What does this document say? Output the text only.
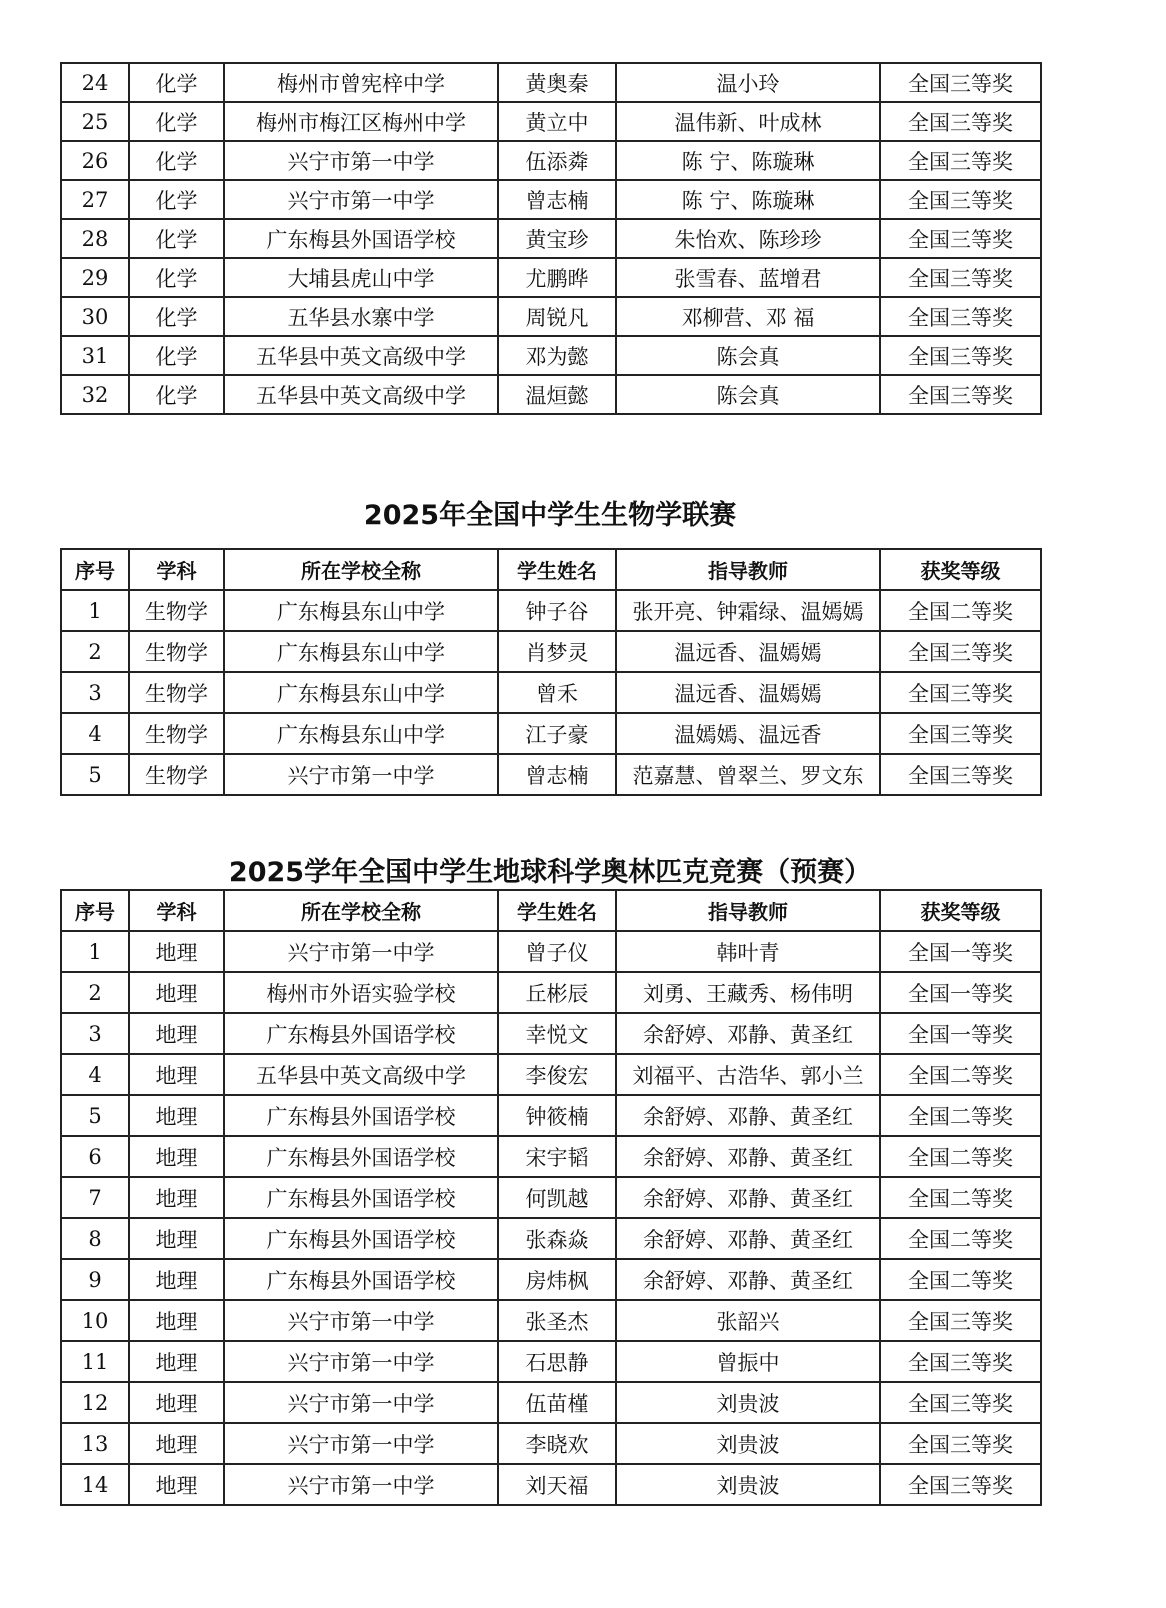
24	化学	梅州市曾宪梓中学	黄奥秦	温小玲	全国三等奖
25	化学	梅州市梅江区梅州中学	黄立中	温伟新、叶成林	全国三等奖
26	化学	兴宁市第一中学	伍添粦	陈 宁、陈璇琳	全国三等奖
27	化学	兴宁市第一中学	曾志楠	陈 宁、陈璇琳	全国三等奖
28	化学	广东梅县外国语学校	黄宝珍	朱怡欢、陈珍珍	全国三等奖
29	化学	大埔县虎山中学	尤鹏晔	张雪春、蓝增君	全国三等奖
30	化学	五华县水寨中学	周锐凡	邓柳营、邓 福	全国三等奖
31	化学	五华县中英文高级中学	邓为懿	陈会真	全国三等奖
32	化学	五华县中英文高级中学	温烜懿	陈会真	全国三等奖
2025年全国中学生生物学联赛
序号	学科	所在学校全称	学生姓名	指导教师	获奖等级
1	生物学	广东梅县东山中学	钟子谷	张开亮、钟霜绿、温嫣嫣	全国二等奖
2	生物学	广东梅县东山中学	肖梦灵	温远香、温嫣嫣	全国三等奖
3	生物学	广东梅县东山中学	曾禾	温远香、温嫣嫣	全国三等奖
4	生物学	广东梅县东山中学	江子豪	温嫣嫣、温远香	全国三等奖
5	生物学	兴宁市第一中学	曾志楠	范嘉慧、曾翠兰、罗文东	全国三等奖
2025学年全国中学生地球科学奥林匹克竞赛（预赛）
序号	学科	所在学校全称	学生姓名	指导教师	获奖等级
1	地理	兴宁市第一中学	曾子仪	韩叶青	全国一等奖
2	地理	梅州市外语实验学校	丘彬辰	刘勇、王藏秀、杨伟明	全国一等奖
3	地理	广东梅县外国语学校	幸悦文	余舒婷、邓静、黄圣红	全国一等奖
4	地理	五华县中英文高级中学	李俊宏	刘福平、古浩华、郭小兰	全国二等奖
5	地理	广东梅县外国语学校	钟筱楠	余舒婷、邓静、黄圣红	全国二等奖
6	地理	广东梅县外国语学校	宋宇韬	余舒婷、邓静、黄圣红	全国二等奖
7	地理	广东梅县外国语学校	何凯越	余舒婷、邓静、黄圣红	全国二等奖
8	地理	广东梅县外国语学校	张森焱	余舒婷、邓静、黄圣红	全国二等奖
9	地理	广东梅县外国语学校	房炜枫	余舒婷、邓静、黄圣红	全国二等奖
10	地理	兴宁市第一中学	张圣杰	张韶兴	全国三等奖
11	地理	兴宁市第一中学	石思静	曾振中	全国三等奖
12	地理	兴宁市第一中学	伍苗槿	刘贵波	全国三等奖
13	地理	兴宁市第一中学	李晓欢	刘贵波	全国三等奖
14	地理	兴宁市第一中学	刘天福	刘贵波	全国三等奖
